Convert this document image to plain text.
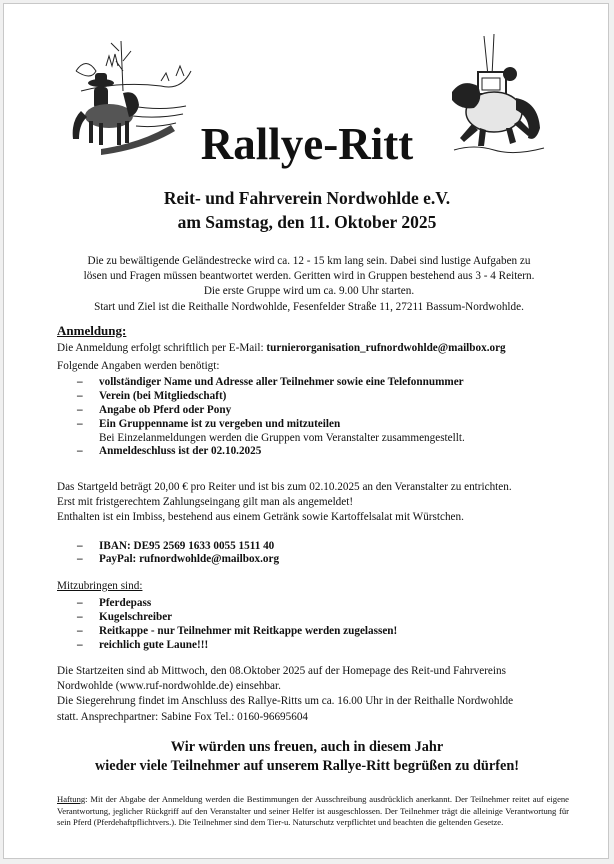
Rallye-Ritt

Reit- und Fahrverein Nordwohlde e.V.

am Samstag, den 11. Oktober 2025

Die zu bewältigende Geländestrecke wird ca. 12 - 15 km lang sein. Dabei sind lustige Aufgaben zu

lösen und Fragen müssen beantwortet werden. Geritten wird in Gruppen bestehend aus 3 - 4 Reitern.

Die erste Gruppe wird um ca. 9.00 Uhr starten.

Start und Ziel ist die Reithalle Nordwohlde, Fesenfelder Straße 11, 27211 Bassum-Nordwohlde.

Anmeldung:

Die Anmeldung erfolgt schriftlich per E-Mail: turnierorganisation_rufnordwohlde@mailbox.org

Folgende Angaben werden benötigt:

– vollständiger Name und Adresse aller Teilnehmer sowie eine Telefonnummer
– Verein (bei Mitgliedschaft)
– Angabe ob Pferd oder Pony
– Ein Gruppenname ist zu vergeben und mitzuteilen
Bei Einzelanmeldungen werden die Gruppen vom Veranstalter zusammengestellt.
– Anmeldeschluss ist der 02.10.2025

Das Startgeld beträgt 20,00 € pro Reiter und ist bis zum 02.10.2025 an den Veranstalter zu entrichten.

Erst mit fristgerechtem Zahlungseingang gilt man als angemeldet!

Enthalten ist ein Imbiss, bestehend aus einem Getränk sowie Kartoffelsalat mit Würstchen.

– IBAN: DE95 2569 1633 0055 1511 40
– PayPal: rufnordwohlde@mailbox.org

Mitzubringen sind:

– Pferdepass
– Kugelschreiber
– Reitkappe - nur Teilnehmer mit Reitkappe werden zugelassen!
– reichlich gute Laune!!!

Die Startzeiten sind ab Mittwoch, den 08.Oktober 2025 auf der Homepage des Reit-und Fahrvereins

Nordwohlde (www.ruf-nordwohlde.de) einsehbar.

Die Siegerehrung findet im Anschluss des Rallye-Ritts um ca. 16.00 Uhr in der Reithalle Nordwohlde

statt. Ansprechpartner: Sabine Fox Tel.: 0160-96695604

Wir würden uns freuen, auch in diesem Jahr

wieder viele Teilnehmer auf unserem Rallye-Ritt begrüßen zu dürfen!

Haftung: Mit der Abgabe der Anmeldung werden die Bestimmungen der Ausschreibung ausdrücklich anerkannt. Der Teilnehmer reitet auf eigene Verantwortung, jeglicher Rückgriff auf den Veranstalter und seiner Helfer ist ausgeschlossen. Der Teilnehmer trägt die alleinige Verantwortung für sein Pferd (Pferdehaftpflichtvers.). Die Teilnehmer sind dem Tier-u. Naturschutz verpflichtet und beachten die geltenden Gesetze.
